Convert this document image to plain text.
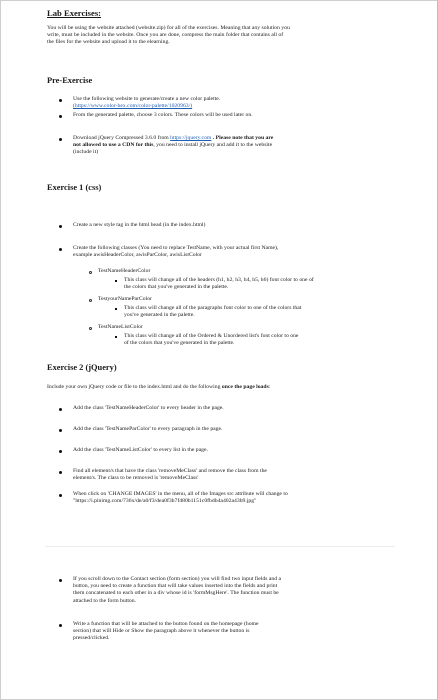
Lab Exercises:
You will be using the website attached (website.zip) for all of the exercises. Meaning that any solution you
write, must be included in the website. Once you are done, compress the main folder that contains all of
the files for the website and upload it to the elearning.
Pre-Exercise
Use the following website to generate/create a new color palette.
(https://www.color-hex.com/color-palette/1020963/)
From the generated palette, choose 3 colors. These colors will be used later on.
Download jQuery Compressed 3.6.0 from https://jquery.com . Please note that you are
not allowed to use a CDN for this, you need to install jQuery and add it to the website
(include it)
Exercise 1 (css)
Create a new style tag in the html head (in the index.html)
Create the following classes (You need to replace TestName, with your actual first Name),
example awisHeaderColor, awisParColor, awisListColor
TestNameHeaderColor
This class will change all of the headers (h1, h2, h3, h4, h5, h6) font color to one of
the colors that you've generated in the palette.
TestyourNameParColor
This class will change all of the paragraphs font color to one of the colors that
you've generated in the palette.
TestNameListColor
This class will change all of the Ordered & Unordered list's font color to one
of the colors that you've generated in the palette.
Exercise 2 (jQuery)
Include your own jQuery code or file to the index.html and do the following once the page loads:
Add the class 'TestNameHeaderColor' to every header in the page.
Add the class 'TestNameParColor' to every paragraph in the page.
Add the class 'TestNameListColor' to every list in the page.
Find all element/s that have the class 'removeMeClass' and remove the class from the
element/s. The class to be removed is 'removeMeClass'
When click on 'CHANGE IMAGES' in the menu, all of the Images src attribute will change to
"https://i.pinimg.com/736x/de/a0/f3/dea0f3b7f480b1151c0fbdb4a402a43b9.jpg"
If you scroll down to the Contact section (form section) you will find two input fields and a
button, you need to create a function that will take values inserted into the fields and print
them concatenated to each other in a div whose id is 'formMsgHere'. The function must be
attached to the form button.
Write a function that will be attached to the button found on the homepage (home
section) that will Hide or Show the paragraph above it whenever the button is
pressed/clicked.
